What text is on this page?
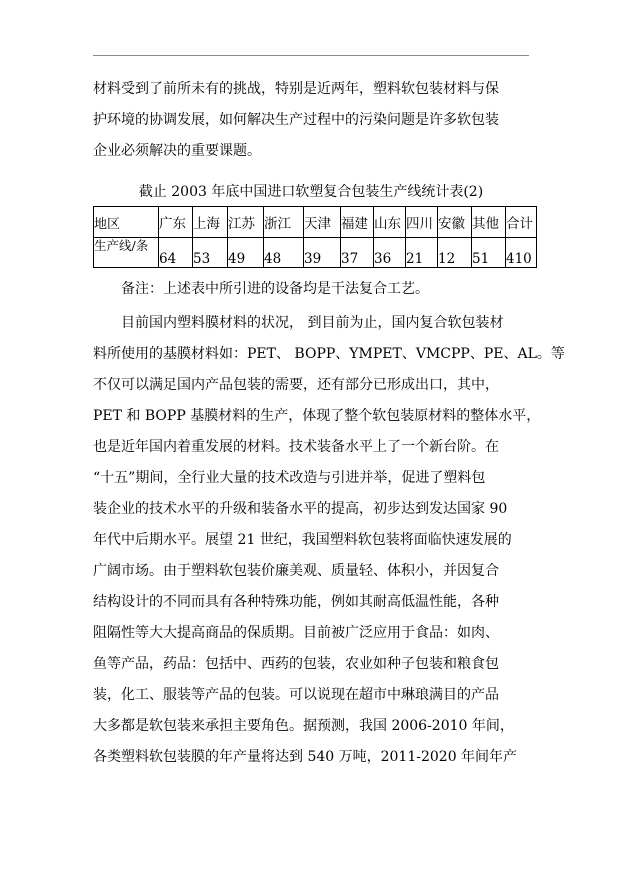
材料受到了前所未有的挑战，特别是近两年，塑料软包装材料与保
护环境的协调发展，如何解决生产过程中的污染问题是许多软包装
企业必须解决的重要课题。
截止 2003 年底中国进口软塑复合包装生产线统计表(2)
地区	广东	上海	江苏	浙江	天津	福建	山东	四川	安徽	其他	合计
生产线/条	64	53	49	48	39	37	36	21	12	51	410
备注：上述表中所引进的设备均是干法复合工艺。
目前国内塑料膜材料的状况， 到目前为止，国内复合软包装材
料所使用的基膜材料如：PET、 BOPP、YMPET、VMCPP、PE、AL。等
不仅可以满足国内产品包装的需要，还有部分已形成出口，其中，
PET 和 BOPP 基膜材料的生产，体现了整个软包装原材料的整体水平，
也是近年国内着重发展的材料。技术装备水平上了一个新台阶。在
“十五”期间，全行业大量的技术改造与引进并举，促进了塑料包
装企业的技术水平的升级和装备水平的提高，初步达到发达国家 90
年代中后期水平。展望 21 世纪，我国塑料软包装将面临快速发展的
广阔市场。由于塑料软包装价廉美观、质量轻、体积小，并因复合
结构设计的不同而具有各种特殊功能，例如其耐高低温性能，各种
阻隔性等大大提高商品的保质期。目前被广泛应用于食品：如肉、
鱼等产品，药品：包括中、西药的包装，农业如种子包装和粮食包
装，化工、服装等产品的包装。可以说现在超市中琳琅满目的产品
大多都是软包装来承担主要角色。据预测，我国 2006-2010 年间，
各类塑料软包装膜的年产量将达到 540 万吨，2011-2020 年间年产
